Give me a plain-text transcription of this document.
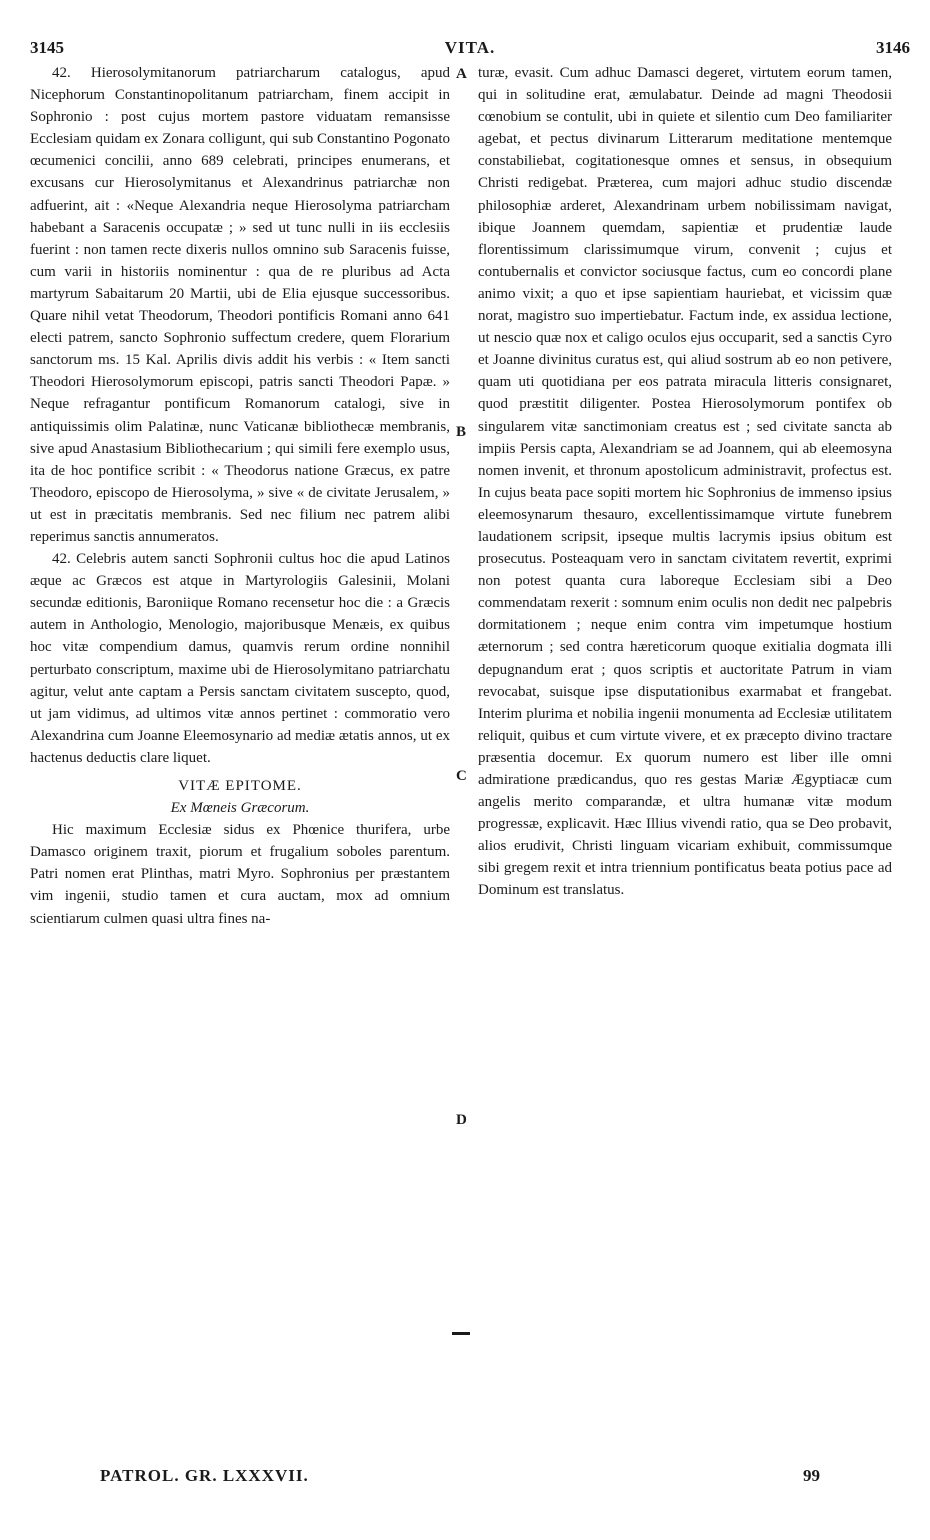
3145	VITA.	3146

42. Hierosolymitanorum patriarcharum catalogus, apud Nicephorum Constantinopolitanum patriarcham, finem accipit in Sophronio : post cujus mortem pastore viduatam remansisse Ecclesiam quidam ex Zonara colligunt, qui sub Constantino Pogonato œcumenici concilii, anno 689 celebrati, principes enumerans, et excusans cur Hierosolymitanus et Alexandrinus patriarchæ non adfuerint, ait : «Neque Alexandria neque Hierosolyma patriarcham habebant a Saracenis occupatæ ; » sed ut tunc nulli in iis ecclesiis fuerint : non tamen recte dixeris nullos omnino sub Saracenis fuisse, cum varii in historiis nominentur : qua de re pluribus ad Acta martyrum Sabaitarum 20 Martii, ubi de Elia ejusque successoribus. Quare nihil vetat Theodorum, Theodori pontificis Romani anno 641 electi patrem, sancto Sophronio suffectum credere, quem Florarium sanctorum ms. 15 Kal. Aprilis divis addit his verbis : « Item sancti Theodori Hierosolymorum episcopi, patris sancti Theodori Papæ. » Neque refragantur pontificum Romanorum catalogi, sive in antiquissimis olim Palatinæ, nunc Vaticanæ bibliothecæ membranis, sive apud Anastasium Bibliothecarium ; qui simili fere exemplo usus, ita de hoc pontifice scribit : « Theodorus natione Græcus, ex patre Theodoro, episcopo de Hierosolyma, » sive « de civitate Jerusalem, » ut est in præcitatis membranis. Sed nec filium nec patrem alibi reperimus sanctis annumeratos.

42. Celebris autem sancti Sophronii cultus hoc die apud Latinos æque ac Græcos est atque in Martyrologiis Galesinii, Molani secundæ editionis, Baroniique Romano recensetur hoc die : a Græcis autem in Anthologio, Menologio, majoribusque Menæis, ex quibus hoc vitæ compendium damus, quamvis rerum ordine nonnihil perturbato conscriptum, maxime ubi de Hierosolymitano patriarchatu agitur, velut ante captam a Persis sanctam civitatem suscepto, quod, ut jam vidimus, ad ultimos vitæ annos pertinet : commoratio vero Alexandrina cum Joanne Eleemosynario ad mediæ ætatis annos, ut ex hactenus deductis clare liquet.

VITÆ EPITOME.

Ex Mœneis Græcorum.

Hic maximum Ecclesiæ sidus ex Phœnice thurifera, urbe Damasco originem traxit, piorum et frugalium soboles parentum. Patri nomen erat Plinthas, matri Myro. Sophronius per præstantem vim ingenii, studio tamen et cura auctam, mox ad omnium scientiarum culmen quasi ultra fines na-

turæ, evasit. Cum adhuc Damasci degeret, virtutem eorum tamen, qui in solitudine erat, æmulabatur. Deinde ad magni Theodosii cœnobium se contulit, ubi in quiete et silentio cum Deo familiariter agebat, et pectus divinarum Litterarum meditatione mentemque constabiliebat, cogitationesque omnes et sensus, in obsequium Christi redigebat. Præterea, cum majori adhuc studio discendæ philosophiæ arderet, Alexandrinam urbem nobilissimam navigat, ibique Joannem quemdam, sapientiæ et prudentiæ laude florentissimum clarissimumque virum, convenit ; cujus et contubernalis et convictor sociusque factus, cum eo concordi plane animo vixit; a quo et ipse sapientiam hauriebat, et vicissim quæ norat, magistro suo impertiebatur. Factum inde, ex assidua lectione, ut nescio quæ nox et caligo oculos ejus occuparit, sed a sanctis Cyro et Joanne divinitus curatus est, qui aliud sostrum ab eo non petivere, quam uti quotidiana per eos patrata miracula litteris consignaret, quod præstitit diligenter. Postea Hierosolymorum pontifex ob singularem vitæ sanctimoniam creatus est ; sed civitate sancta ab impiis Persis capta, Alexandriam se ad Joannem, qui ab eleemosyna nomen invenit, et thronum apostolicum administravit, profectus est. In cujus beata pace sopiti mortem hic Sophronius de immenso ipsius eleemosynarum thesauro, excellentissimamque virtute funebrem laudationem scripsit, ipseque multis lacrymis ipsius obitum est prosecutus. Posteaquam vero in sanctam civitatem revertit, exprimi non potest quanta cura laboreque Ecclesiam sibi a Deo commendatam rexerit : somnum enim oculis non dedit nec palpebris dormitationem ; neque enim contra vim impetumque hostium æternorum ; sed contra hæreticorum quoque exitialia dogmata illi depugnandum erat ; quos scriptis et auctoritate Patrum in viam revocabat, suisque ipse disputationibus exarmabat et frangebat. Interim plurima et nobilia ingenii monumenta ad Ecclesiæ utilitatem reliquit, quibus et cum virtute vivere, et ex præcepto divino tractare præsentia docemur. Ex quorum numero est liber ille omni admiratione prædicandus, quo res gestas Mariæ Ægyptiacæ cum angelis merito comparandæ, et ultra humanæ vitæ modum progressæ, explicavit. Hæc Illius vivendi ratio, qua se Deo probavit, alios erudivit, Christi linguam vicariam exhibuit, commissumque sibi gregem rexit et intra triennium pontificatus beata potius pace ad Dominum est translatus.

A
B
C
D
PATROL. GR. LXXXVII.	99
